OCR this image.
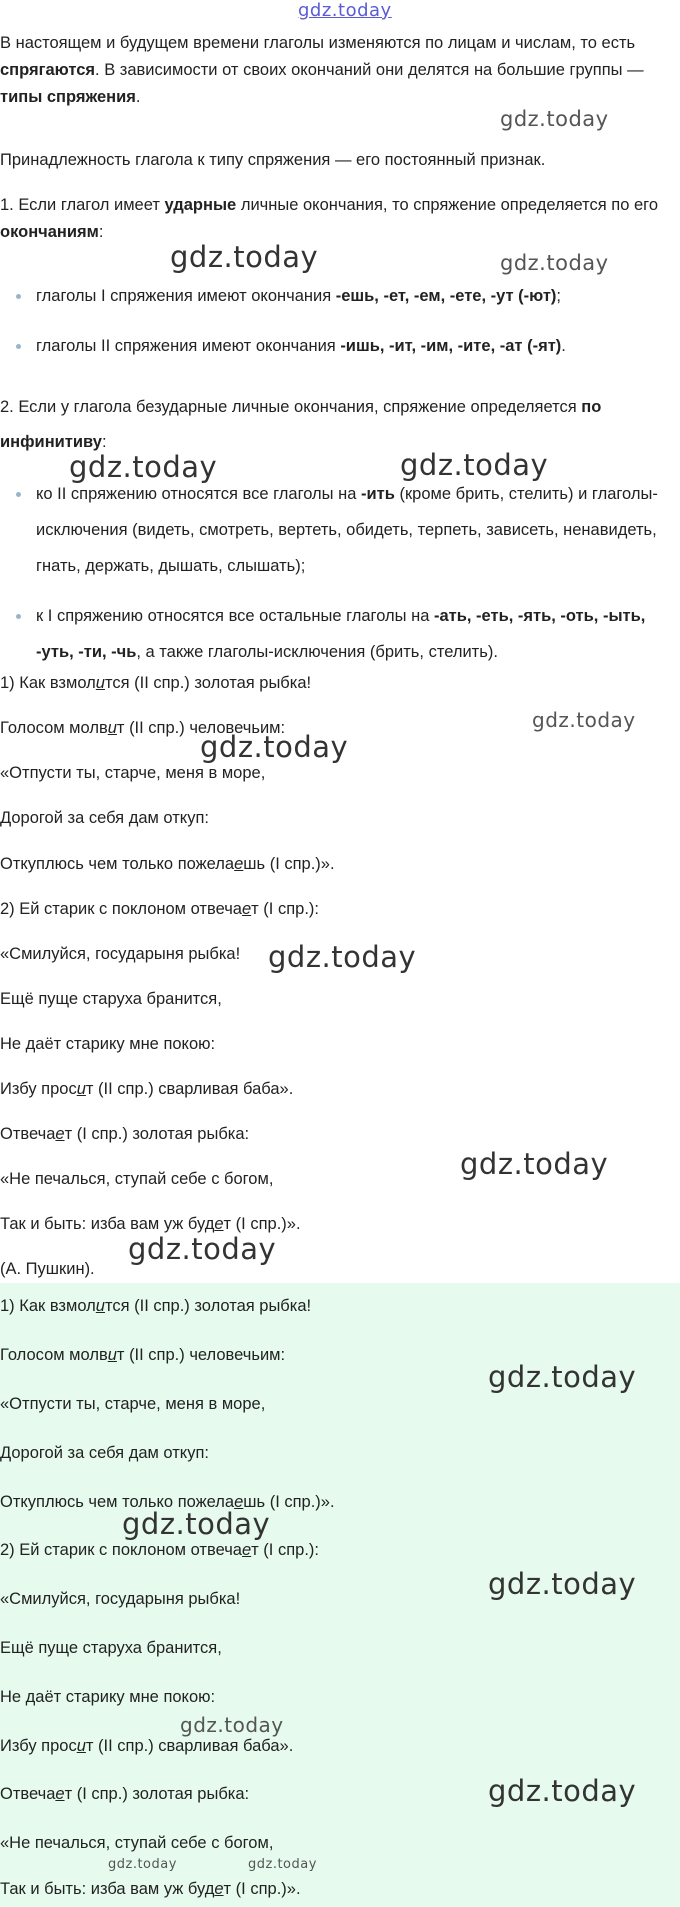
gdz.today

В настоящем и будущем времени глаголы изменяются по лицам и числам, то есть спрягаются. В зависимости от своих окончаний они делятся на большие группы — типы спряжения.

Принадлежность глагола к типу спряжения — его постоянный признак.

1. Если глагол имеет ударные личные окончания, то спряжение определяется по его окончаниям:

глаголы I спряжения имеют окончания -ешь, -ет, -ем, -ете, -ут (-ют);
глаголы II спряжения имеют окончания -ишь, -ит, -им, -ите, -ат (-ят).

2. Если у глагола безударные личные окончания, спряжение определяется по инфинитиву:

ко II спряжению относятся все глаголы на -ить (кроме брить, стелить) и глаголы-исключения (видеть, смотреть, вертеть, обидеть, терпеть, зависеть, ненавидеть, гнать, держать, дышать, слышать);
к I спряжению относятся все остальные глаголы на -ать, -еть, -ять, -оть, -ыть, -уть, -ти, -чь, а также глаголы-исключения (брить, стелить).
1) Как взмолится (II спр.) золотая рыбка!
Голосом молвит (II спр.) человечьим:
«Отпусти ты, старче, меня в море,
Дорогой за себя дам откуп:
Откуплюсь чем только пожелаешь (I спр.)».
2) Ей старик с поклоном отвечает (I спр.):
«Смилуйся, государыня рыбка!
Ещё пуще старуха бранится,
Не даёт старику мне покою:
Избу просит (II спр.) сварливая баба».
Отвечает (I спр.) золотая рыбка:
«Не печалься, ступай себе с богом,
Так и быть: изба вам уж будет (I спр.)».
(А. Пушкин).
1) Как взмолится (II спр.) золотая рыбка!
Голосом молвит (II спр.) человечьим:
«Отпусти ты, старче, меня в море,
Дорогой за себя дам откуп:
Откуплюсь чем только пожелаешь (I спр.)».
2) Ей старик с поклоном отвечает (I спр.):
«Смилуйся, государыня рыбка!
Ещё пуще старуха бранится,
Не даёт старику мне покою:
Избу просит (II спр.) сварливая баба».
Отвечает (I спр.) золотая рыбка:
«Не печалься, ступай себе с богом,
Так и быть: изба вам уж будет (I спр.)».
gdz.today
gdz.today	gdz.today
gdz.today	gdz.today
gdz.today
gdz.today
gdz.today
gdz.today
gdz.today
gdz.today
gdz.today
gdz.today
gdz.today
gdz.today
gdz.today	gdz.today
